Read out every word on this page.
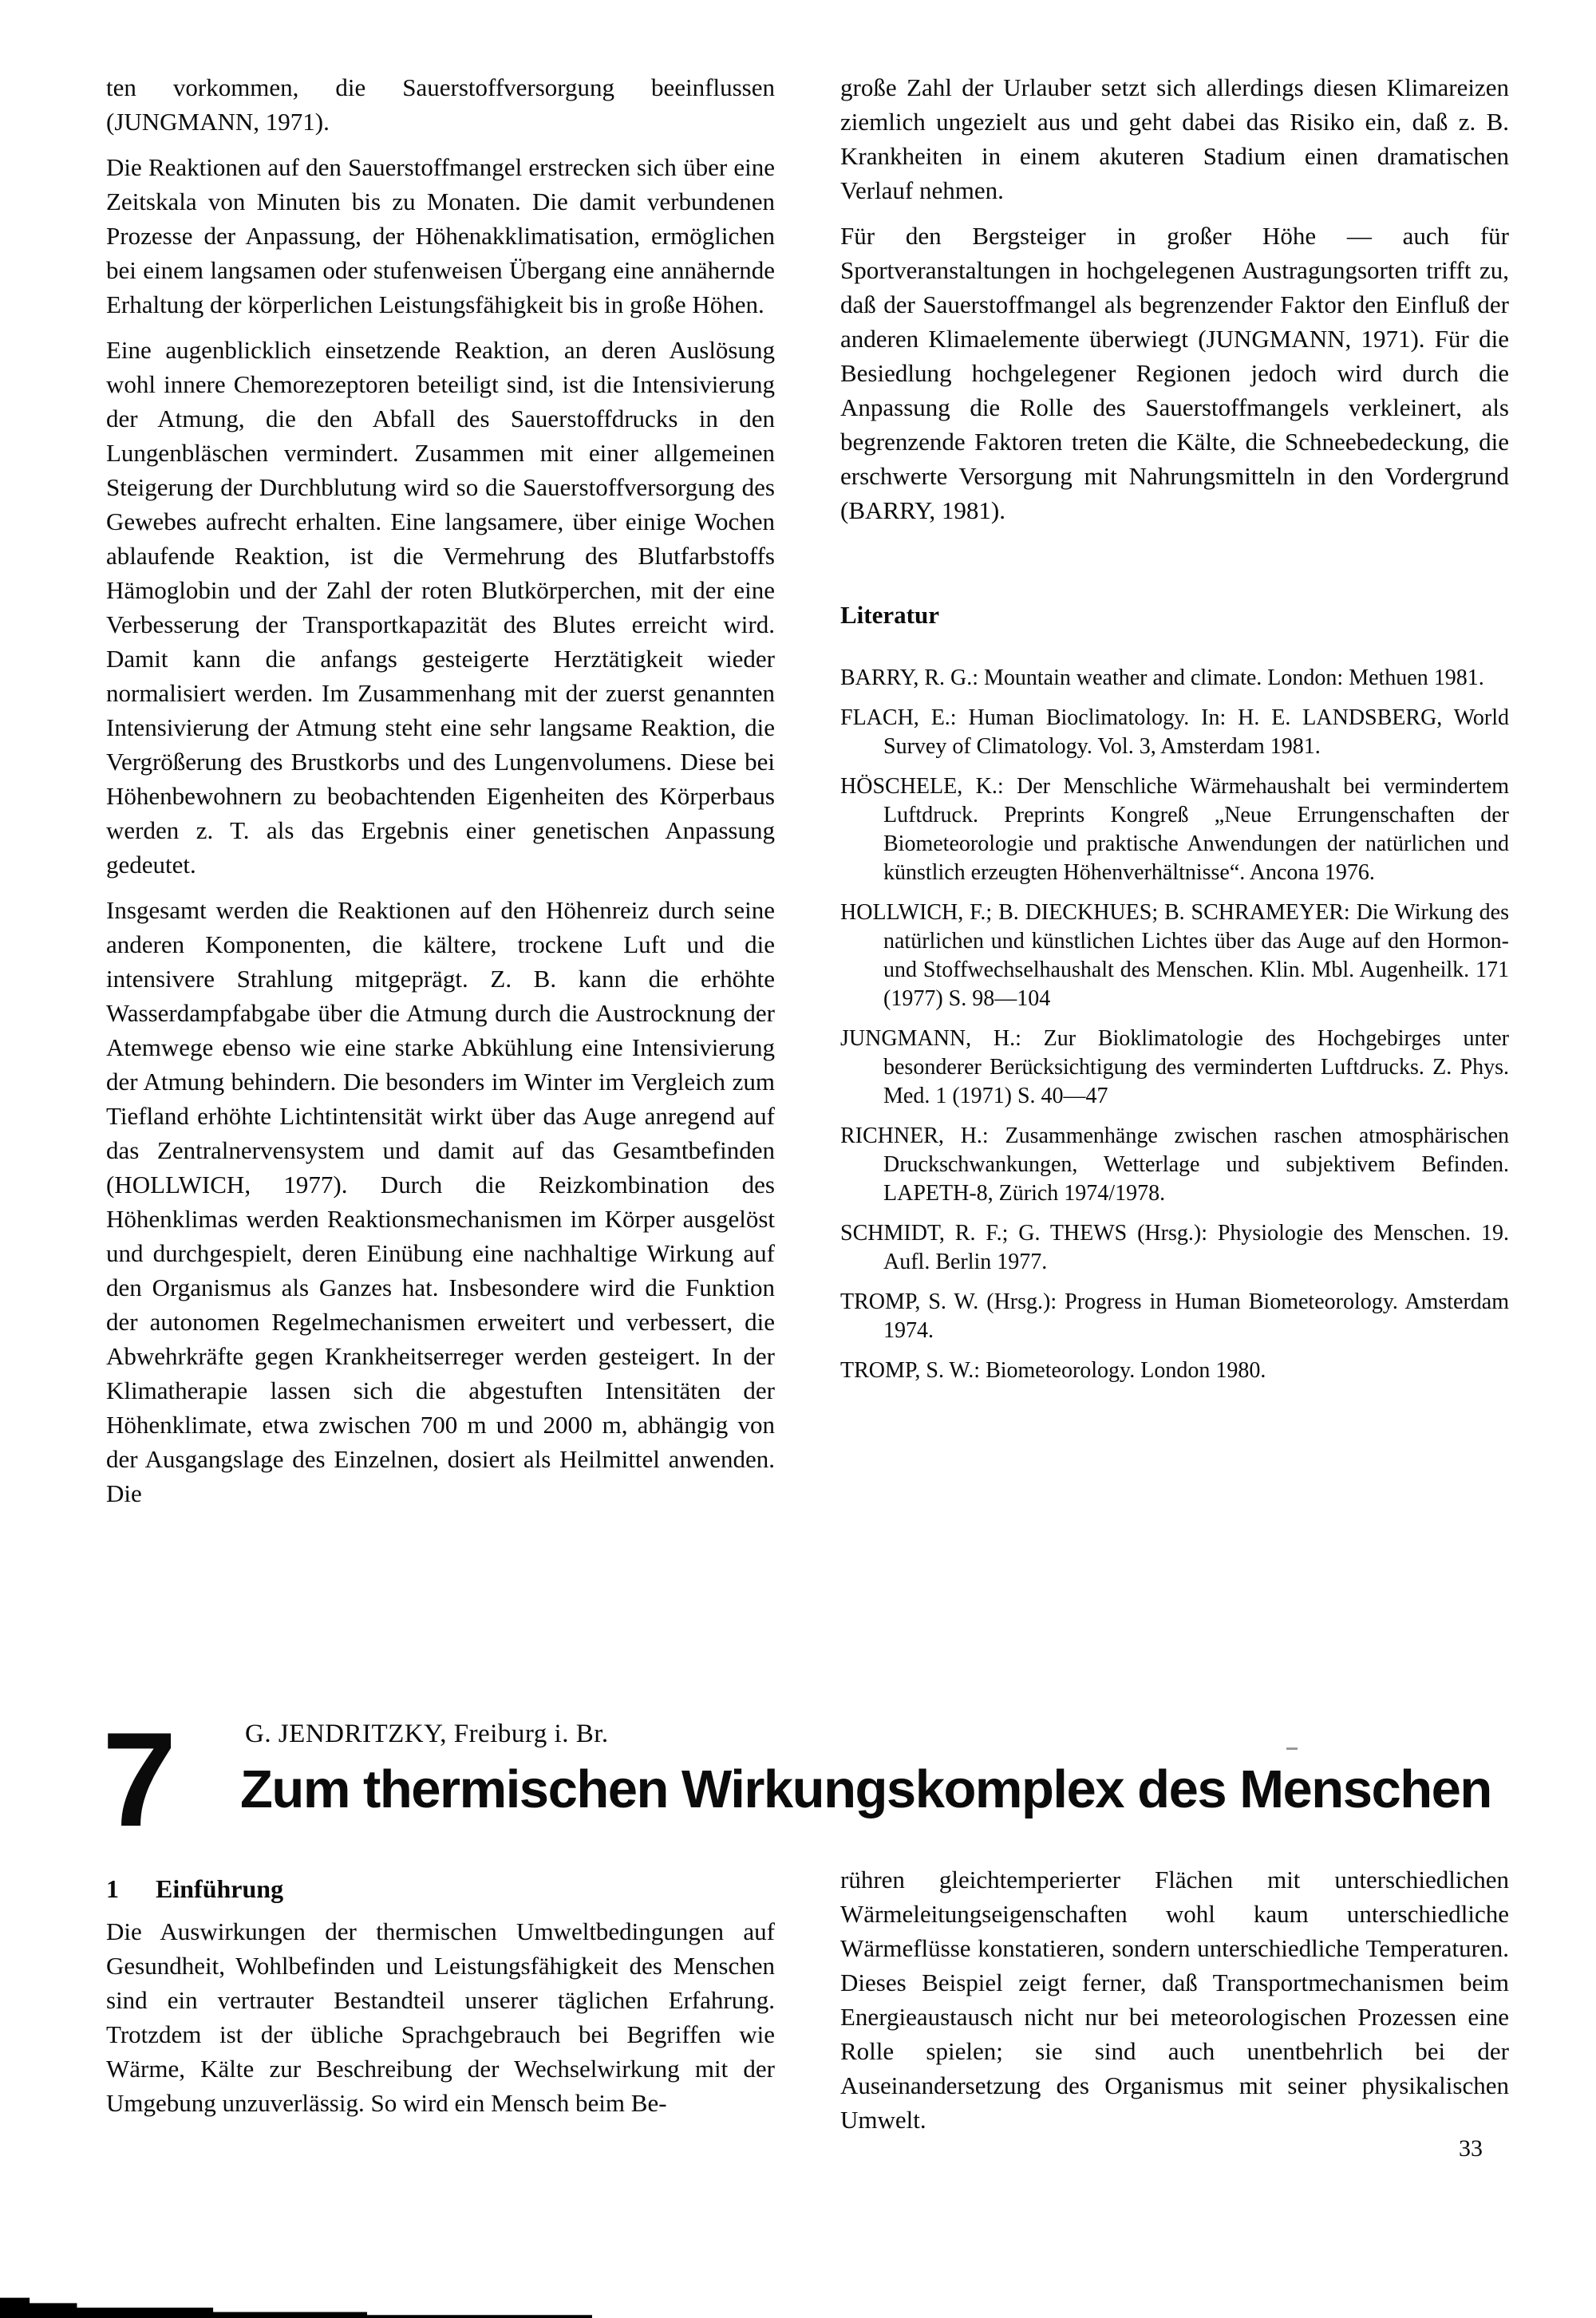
ten vorkommen, die Sauerstoffversorgung beeinflussen (JUNGMANN, 1971).

Die Reaktionen auf den Sauerstoffmangel erstrecken sich über eine Zeitskala von Minuten bis zu Monaten. Die damit verbundenen Prozesse der Anpassung, der Höhenakklimatisation, ermöglichen bei einem langsamen oder stufenweisen Übergang eine annähernde Erhaltung der körperlichen Leistungsfähigkeit bis in große Höhen.

Eine augenblicklich einsetzende Reaktion, an deren Auslösung wohl innere Chemorezeptoren beteiligt sind, ist die Intensivierung der Atmung, die den Abfall des Sauerstoffdrucks in den Lungenbläschen vermindert. Zusammen mit einer allgemeinen Steigerung der Durchblutung wird so die Sauerstoffversorgung des Gewebes aufrecht erhalten. Eine langsamere, über einige Wochen ablaufende Reaktion, ist die Vermehrung des Blutfarbstoffs Hämoglobin und der Zahl der roten Blutkörperchen, mit der eine Verbesserung der Transportkapazität des Blutes erreicht wird. Damit kann die anfangs gesteigerte Herztätigkeit wieder normalisiert werden. Im Zusammenhang mit der zuerst genannten Intensivierung der Atmung steht eine sehr langsame Reaktion, die Vergrößerung des Brustkorbs und des Lungenvolumens. Diese bei Höhenbewohnern zu beobachtenden Eigenheiten des Körperbaus werden z. T. als das Ergebnis einer genetischen Anpassung gedeutet.

Insgesamt werden die Reaktionen auf den Höhenreiz durch seine anderen Komponenten, die kältere, trockene Luft und die intensivere Strahlung mitgeprägt. Z. B. kann die erhöhte Wasserdampfabgabe über die Atmung durch die Austrocknung der Atemwege ebenso wie eine starke Abkühlung eine Intensivierung der Atmung behindern. Die besonders im Winter im Vergleich zum Tiefland erhöhte Lichtintensität wirkt über das Auge anregend auf das Zentralnervensystem und damit auf das Gesamtbefinden (HOLLWICH, 1977). Durch die Reizkombination des Höhenklimas werden Reaktionsmechanismen im Körper ausgelöst und durchgespielt, deren Einübung eine nachhaltige Wirkung auf den Organismus als Ganzes hat. Insbesondere wird die Funktion der autonomen Regelmechanismen erweitert und verbessert, die Abwehrkräfte gegen Krankheitserreger werden gesteigert. In der Klimatherapie lassen sich die abgestuften Intensitäten der Höhenklimate, etwa zwischen 700 m und 2000 m, abhängig von der Ausgangslage des Einzelnen, dosiert als Heilmittel anwenden. Die

große Zahl der Urlauber setzt sich allerdings diesen Klimareizen ziemlich ungezielt aus und geht dabei das Risiko ein, daß z. B. Krankheiten in einem akuteren Stadium einen dramatischen Verlauf nehmen.

Für den Bergsteiger in großer Höhe — auch für Sportveranstaltungen in hochgelegenen Austragungsorten trifft zu, daß der Sauerstoffmangel als begrenzender Faktor den Einfluß der anderen Klimaelemente überwiegt (JUNGMANN, 1971). Für die Besiedlung hochgelegener Regionen jedoch wird durch die Anpassung die Rolle des Sauerstoffmangels verkleinert, als begrenzende Faktoren treten die Kälte, die Schneebedeckung, die erschwerte Versorgung mit Nahrungsmitteln in den Vordergrund (BARRY, 1981).

Literatur

BARRY, R. G.: Mountain weather and climate. London: Methuen 1981.

FLACH, E.: Human Bioclimatology. In: H. E. LANDSBERG, World Survey of Climatology. Vol. 3, Amsterdam 1981.

HÖSCHELE, K.: Der Menschliche Wärmehaushalt bei vermindertem Luftdruck. Preprints Kongreß „Neue Errungenschaften der Biometeorologie und praktische Anwendungen der natürlichen und künstlich erzeugten Höhenverhältnisse“. Ancona 1976.

HOLLWICH, F.; B. DIECKHUES; B. SCHRAMEYER: Die Wirkung des natürlichen und künstlichen Lichtes über das Auge auf den Hormon- und Stoffwechselhaushalt des Menschen. Klin. Mbl. Augenheilk. 171 (1977) S. 98—104

JUNGMANN, H.: Zur Bioklimatologie des Hochgebirges unter besonderer Berücksichtigung des verminderten Luftdrucks. Z. Phys. Med. 1 (1971) S. 40—47

RICHNER, H.: Zusammenhänge zwischen raschen atmosphärischen Druckschwankungen, Wetterlage und subjektivem Befinden. LAPETH-8, Zürich 1974/1978.

SCHMIDT, R. F.; G. THEWS (Hrsg.): Physiologie des Menschen. 19. Aufl. Berlin 1977.

TROMP, S. W. (Hrsg.): Progress in Human Biometeorology. Amsterdam 1974.

TROMP, S. W.: Biometeorology. London 1980.

7	G. JENDRITZKY, Freiburg i. Br.
Zum thermischen Wirkungskomplex des Menschen
1 Einführung

Die Auswirkungen der thermischen Umweltbedingungen auf Gesundheit, Wohlbefinden und Leistungsfähigkeit des Menschen sind ein vertrauter Bestandteil unserer täglichen Erfahrung. Trotzdem ist der übliche Sprachgebrauch bei Begriffen wie Wärme, Kälte zur Beschreibung der Wechselwirkung mit der Umgebung unzuverlässig. So wird ein Mensch beim Be-

rühren gleichtemperierter Flächen mit unterschiedlichen Wärmeleitungseigenschaften wohl kaum unterschiedliche Wärmeflüsse konstatieren, sondern unterschiedliche Temperaturen. Dieses Beispiel zeigt ferner, daß Transportmechanismen beim Energieaustausch nicht nur bei meteorologischen Prozessen eine Rolle spielen; sie sind auch unentbehrlich bei der Auseinandersetzung des Organismus mit seiner physikalischen Umwelt.

33
